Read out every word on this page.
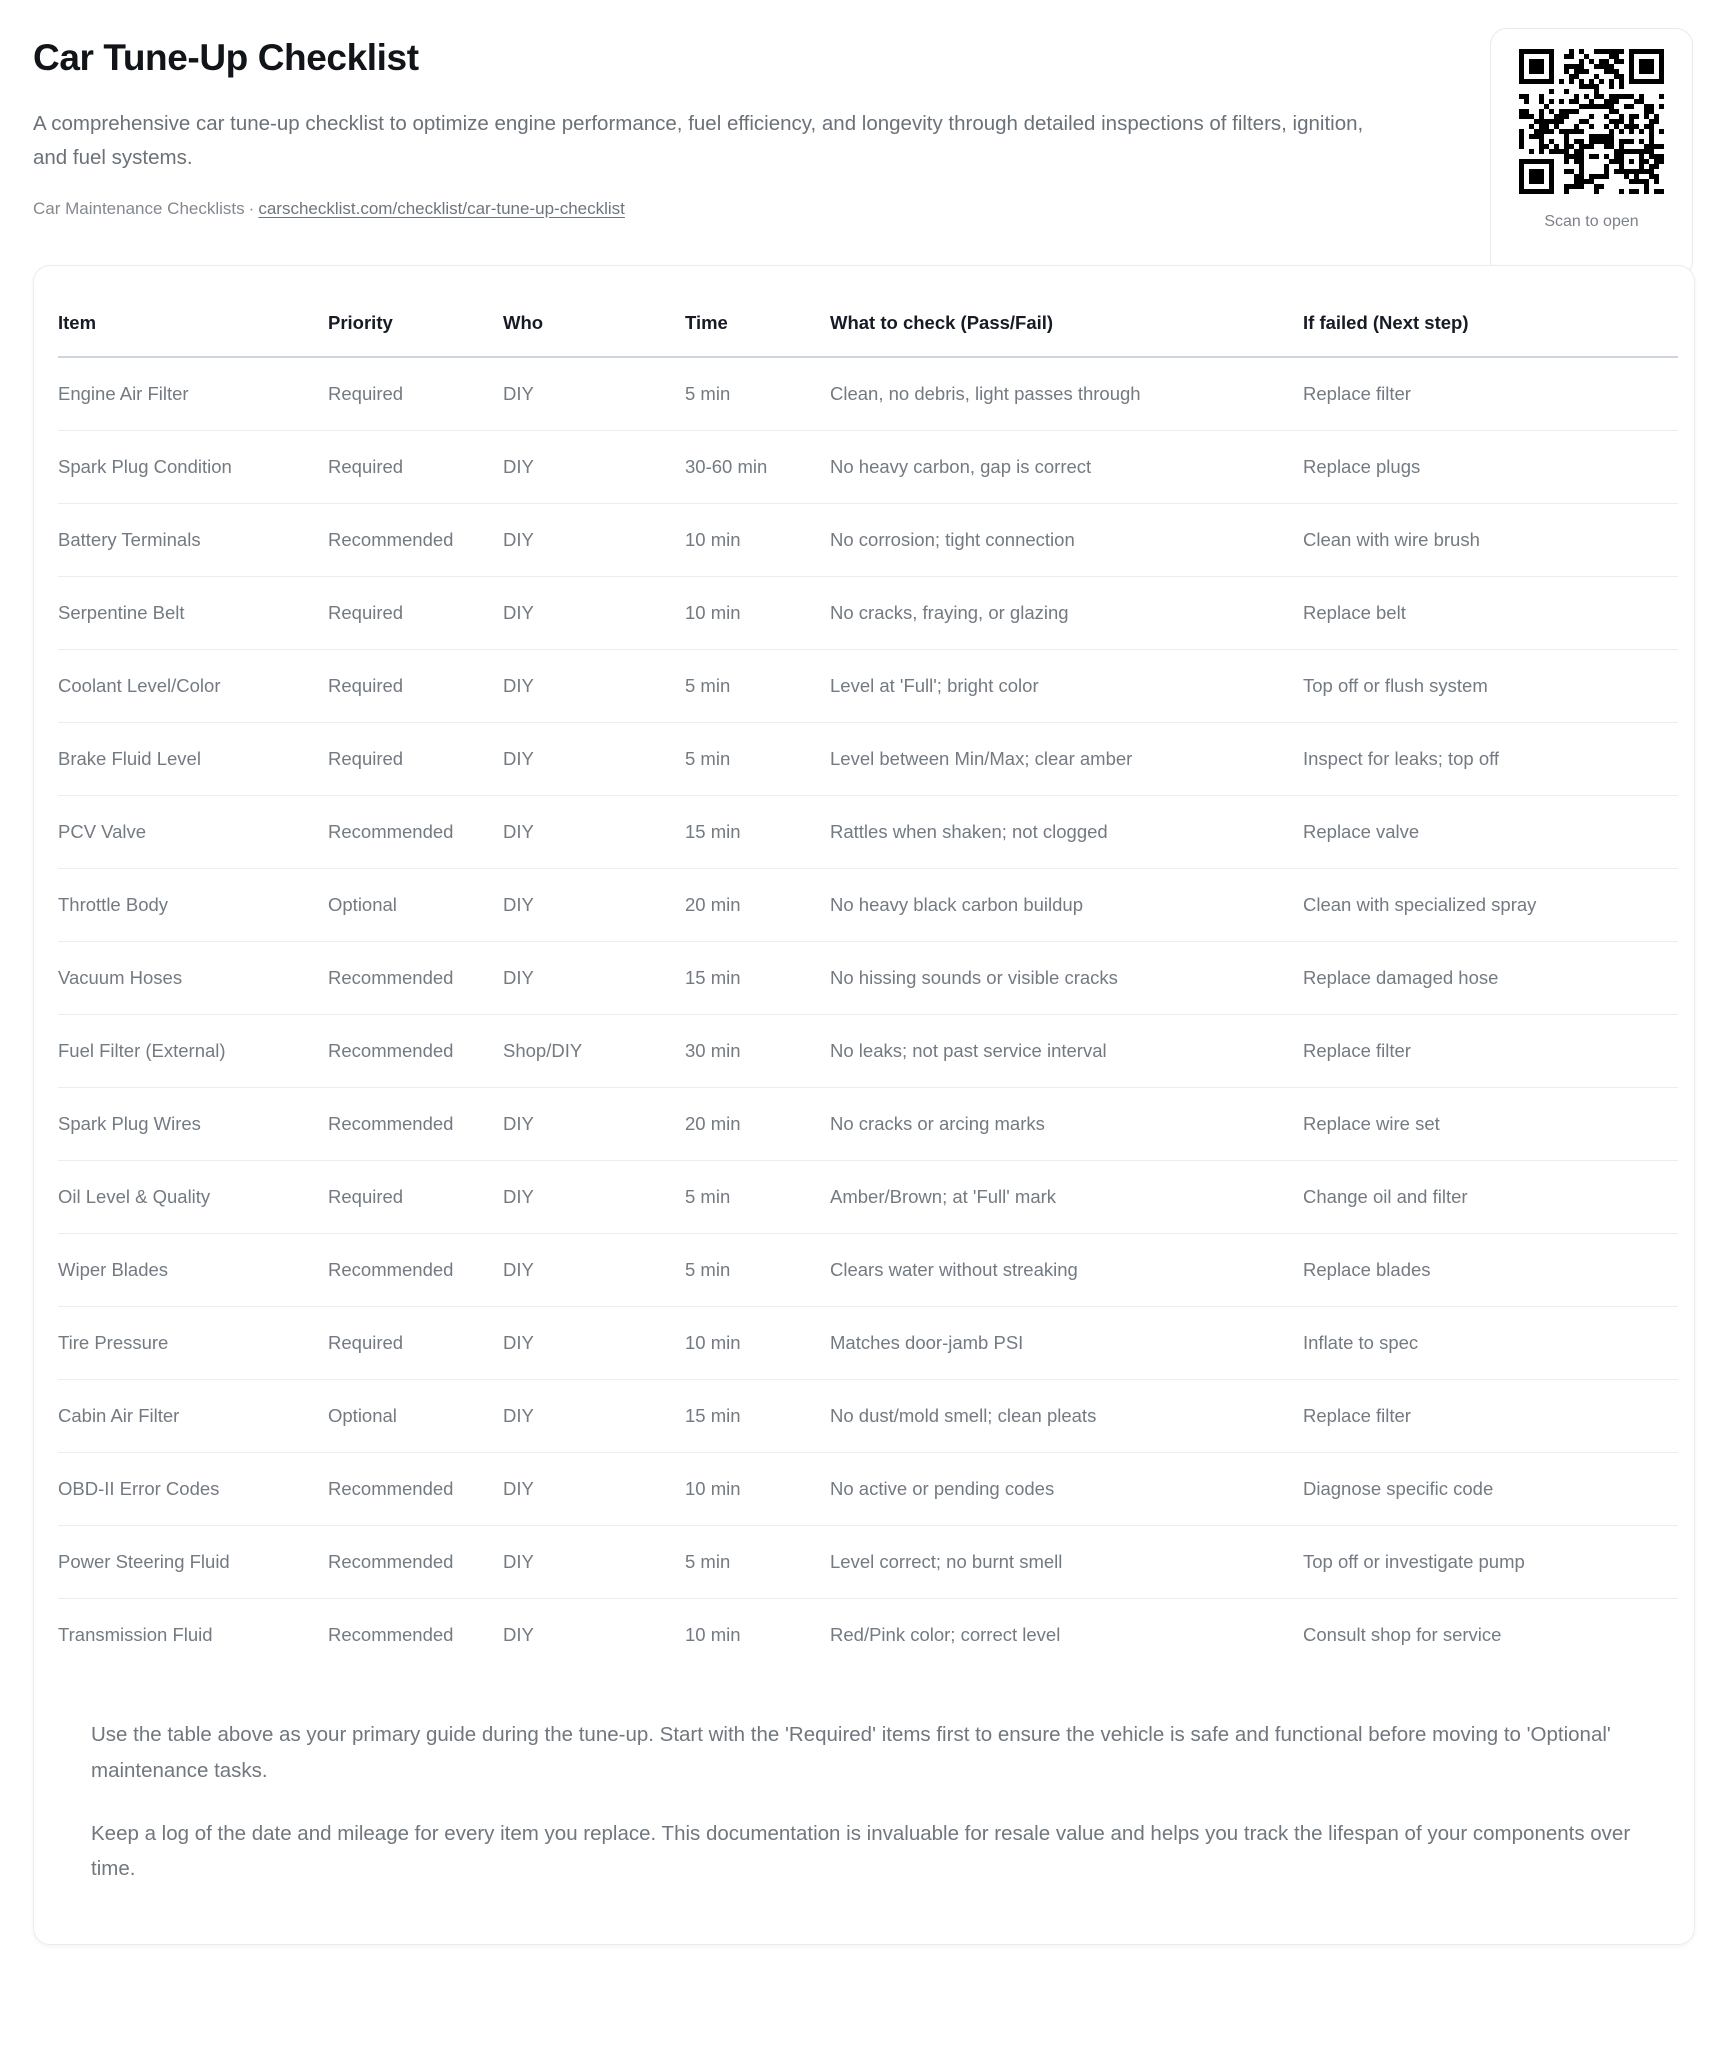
Car Tune-Up Checklist

A comprehensive car tune-up checklist to optimize engine performance, fuel efficiency, and longevity through detailed inspections of filters, ignition, and fuel systems.

Car Maintenance Checklists · carschecklist.com/checklist/car-tune-up-checklist

Scan to open
Item	Priority	Who	Time	What to check (Pass/Fail)	If failed (Next step)
Engine Air Filter	Required	DIY	5 min	Clean, no debris, light passes through	Replace filter
Spark Plug Condition	Required	DIY	30-60 min	No heavy carbon, gap is correct	Replace plugs
Battery Terminals	Recommended	DIY	10 min	No corrosion; tight connection	Clean with wire brush
Serpentine Belt	Required	DIY	10 min	No cracks, fraying, or glazing	Replace belt
Coolant Level/Color	Required	DIY	5 min	Level at 'Full'; bright color	Top off or flush system
Brake Fluid Level	Required	DIY	5 min	Level between Min/Max; clear amber	Inspect for leaks; top off
PCV Valve	Recommended	DIY	15 min	Rattles when shaken; not clogged	Replace valve
Throttle Body	Optional	DIY	20 min	No heavy black carbon buildup	Clean with specialized spray
Vacuum Hoses	Recommended	DIY	15 min	No hissing sounds or visible cracks	Replace damaged hose
Fuel Filter (External)	Recommended	Shop/DIY	30 min	No leaks; not past service interval	Replace filter
Spark Plug Wires	Recommended	DIY	20 min	No cracks or arcing marks	Replace wire set
Oil Level & Quality	Required	DIY	5 min	Amber/Brown; at 'Full' mark	Change oil and filter
Wiper Blades	Recommended	DIY	5 min	Clears water without streaking	Replace blades
Tire Pressure	Required	DIY	10 min	Matches door-jamb PSI	Inflate to spec
Cabin Air Filter	Optional	DIY	15 min	No dust/mold smell; clean pleats	Replace filter
OBD-II Error Codes	Recommended	DIY	10 min	No active or pending codes	Diagnose specific code
Power Steering Fluid	Recommended	DIY	5 min	Level correct; no burnt smell	Top off or investigate pump
Transmission Fluid	Recommended	DIY	10 min	Red/Pink color; correct level	Consult shop for service

Use the table above as your primary guide during the tune-up. Start with the 'Required' items first to ensure the vehicle is safe and functional before moving to 'Optional' maintenance tasks.

Keep a log of the date and mileage for every item you replace. This documentation is invaluable for resale value and helps you track the lifespan of your components over time.
